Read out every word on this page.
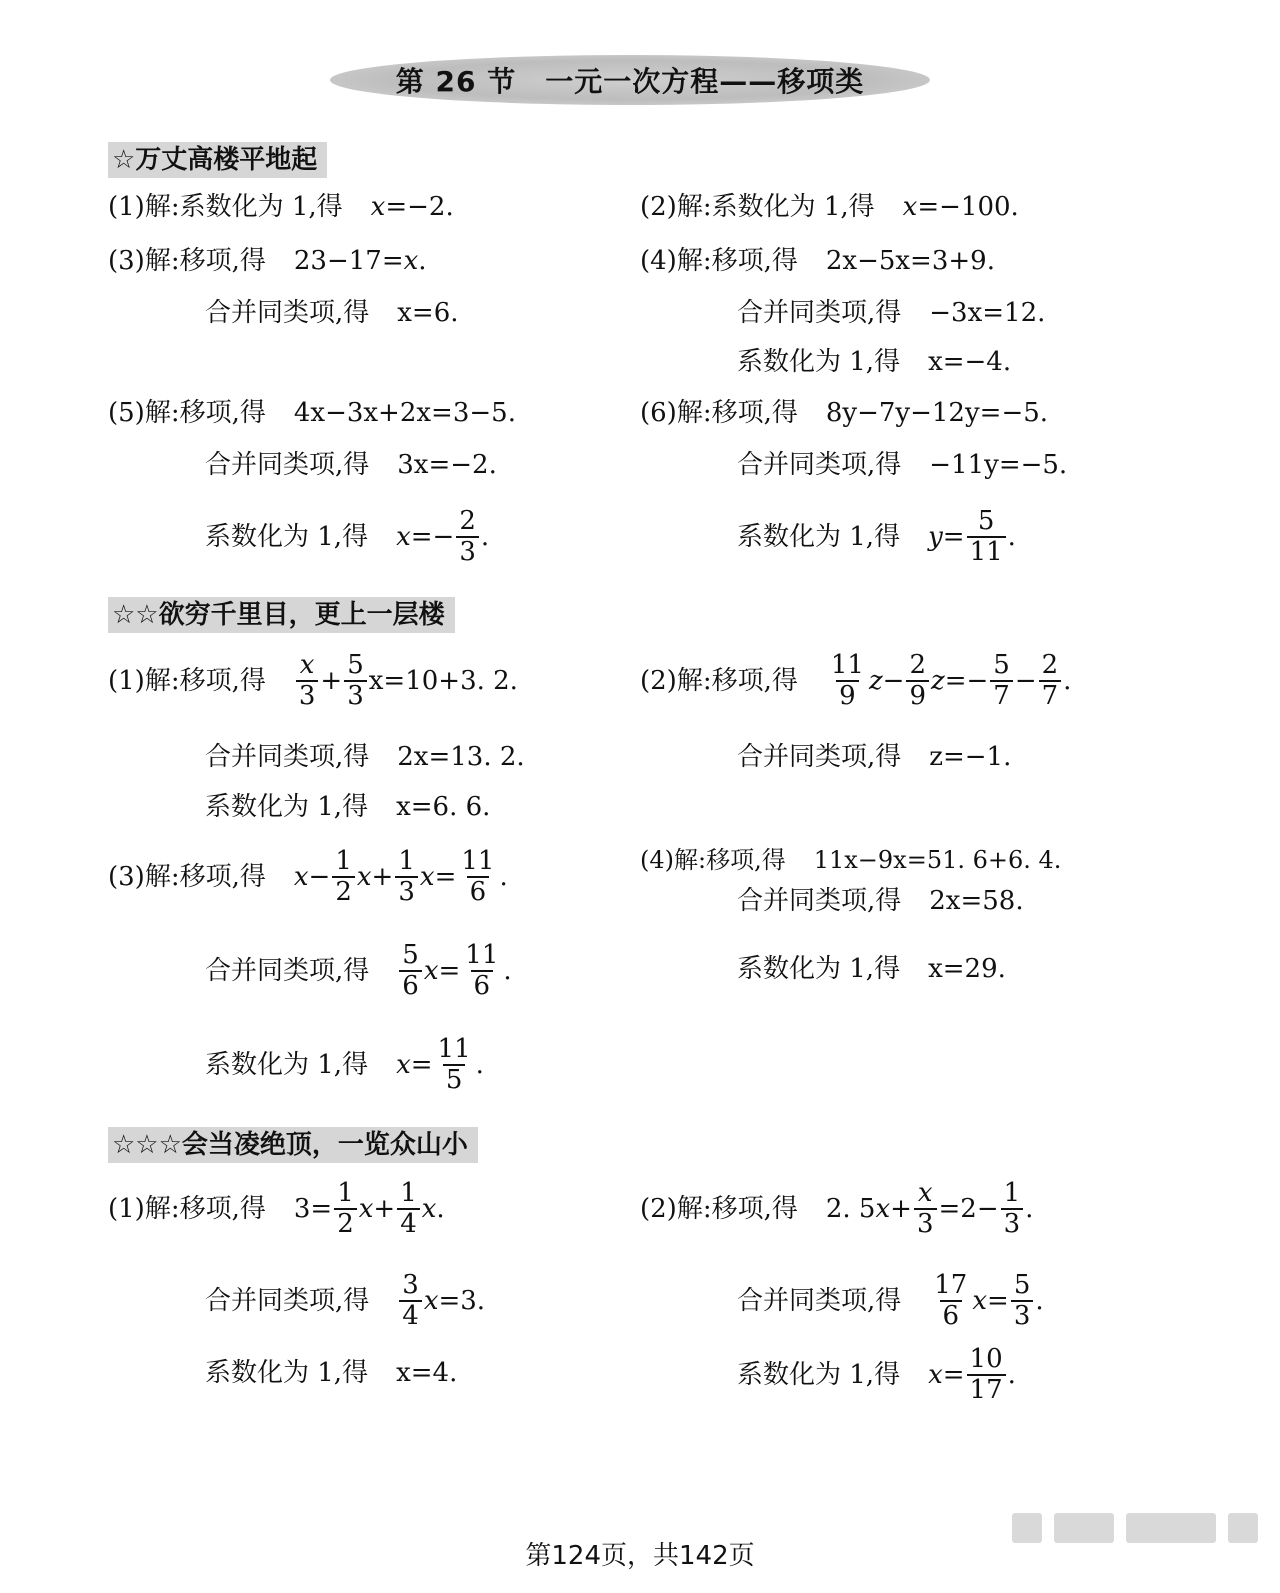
第 26 节　一元一次方程——移项类
☆万丈高楼平地起
(1)解:系数化为 1,得 x =−2.	(2)解:系数化为 1,得 x =−100.
(3)解:移项,得 23−17= x .
合并同类项,得 x=6.
(4)解:移项,得 2x−5x=3+9.
合并同类项,得 −3x=12.
系数化为 1,得 x=−4.
(5)解:移项,得 4x−3x+2x=3−5.
合并同类项,得 3x=−2.
系数化为 1,得 $x =- \frac{2}{3}$ .
(6)解:移项,得 8y−7y−12y=−5.
合并同类项,得 −11y=−5.
系数化为 1,得 $y = \frac{5}{11}$ .
☆☆欲穷千里目，更上一层楼
(1)解:移项,得 $\frac{x}{3} + \frac{5}{3} x=10+3$. 2.
合并同类项,得 2x=13. 2.
系数化为 1,得 x=6. 6.
(2)解:移项,得 $\frac{11}{9}$ $z - \frac{2}{9}$ $z =- \frac{5}{7} - \frac{2}{7}$ .
合并同类项,得 z=−1.
(3)解:移项,得 $x - \frac{1}{2}$ $x + \frac{1}{3}$ $x = \frac{11}{6}$ .
合并同类项,得 $\frac{5}{6}$ $x = \frac{11}{6}$ .
系数化为 1,得 $x = \frac{11}{5}$ .
(4)解:移项,得 11x−9x=51. 6+6. 4.
合并同类项,得 2x=58.
系数化为 1,得 x=29.
☆☆☆会当凌绝顶，一览众山小
(1)解:移项,得 $3= \frac{1}{2}$ $x + \frac{1}{4}$ x .
合并同类项,得 $\frac{3}{4}$ x =3.
系数化为 1,得 x=4.
(2)解:移项,得 2. 5 $x + \frac{x}{3} =2- \frac{1}{3}$ .
合并同类项,得 $\frac{17}{6}$ $x = \frac{5}{3}$ .
系数化为 1,得 $x = \frac{10}{17}$ .
第124页，共142页
